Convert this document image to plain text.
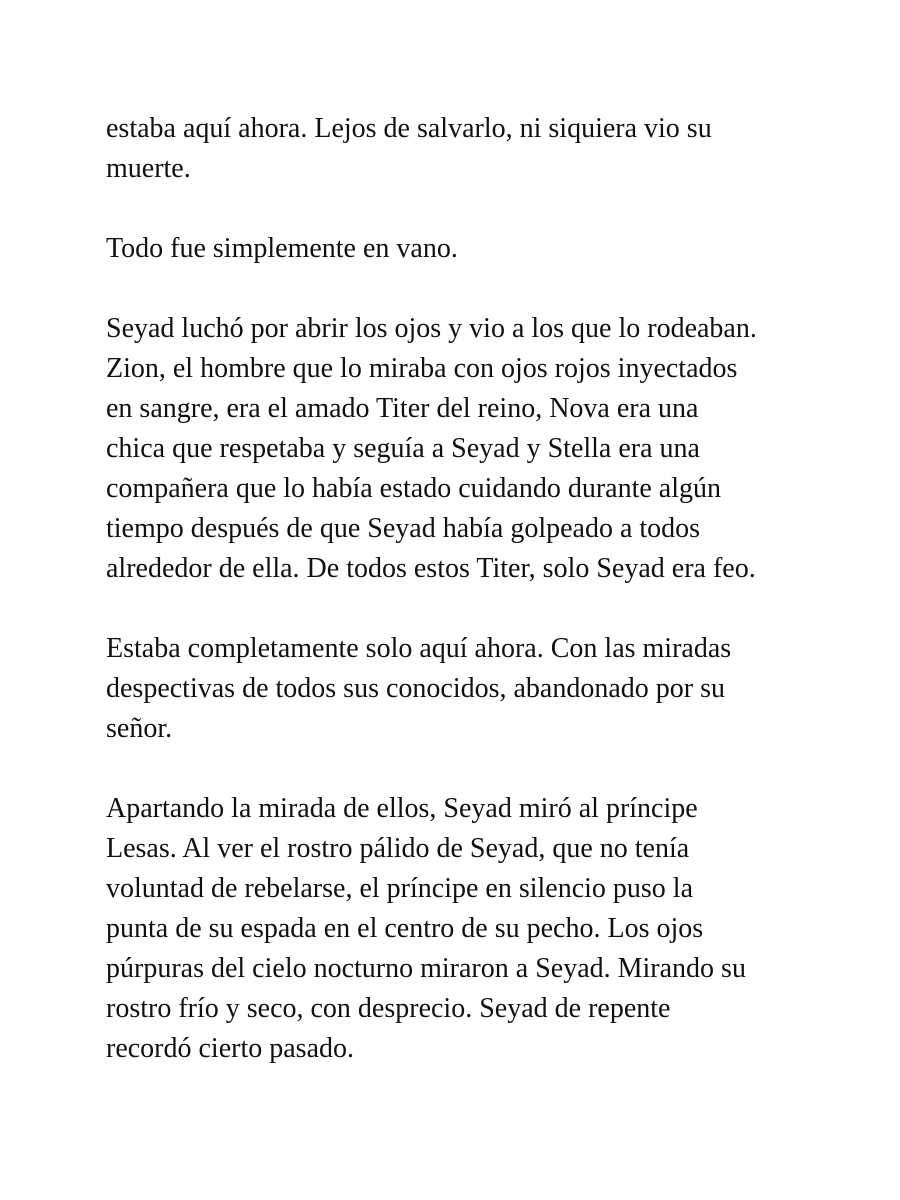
estaba aquí ahora. Lejos de salvarlo, ni siquiera vio su
muerte.
Todo fue simplemente en vano.
Seyad luchó por abrir los ojos y vio a los que lo rodeaban.
Zion, el hombre que lo miraba con ojos rojos inyectados
en sangre, era el amado Titer del reino, Nova era una
chica que respetaba y seguía a Seyad y Stella era una
compañera que lo había estado cuidando durante algún
tiempo después de que Seyad había golpeado a todos
alrededor de ella. De todos estos Titer, solo Seyad era feo.
Estaba completamente solo aquí ahora. Con las miradas
despectivas de todos sus conocidos, abandonado por su
señor.
Apartando la mirada de ellos, Seyad miró al príncipe
Lesas. Al ver el rostro pálido de Seyad, que no tenía
voluntad de rebelarse, el príncipe en silencio puso la
punta de su espada en el centro de su pecho. Los ojos
púrpuras del cielo nocturno miraron a Seyad. Mirando su
rostro frío y seco, con desprecio. Seyad de repente
recordó cierto pasado.
